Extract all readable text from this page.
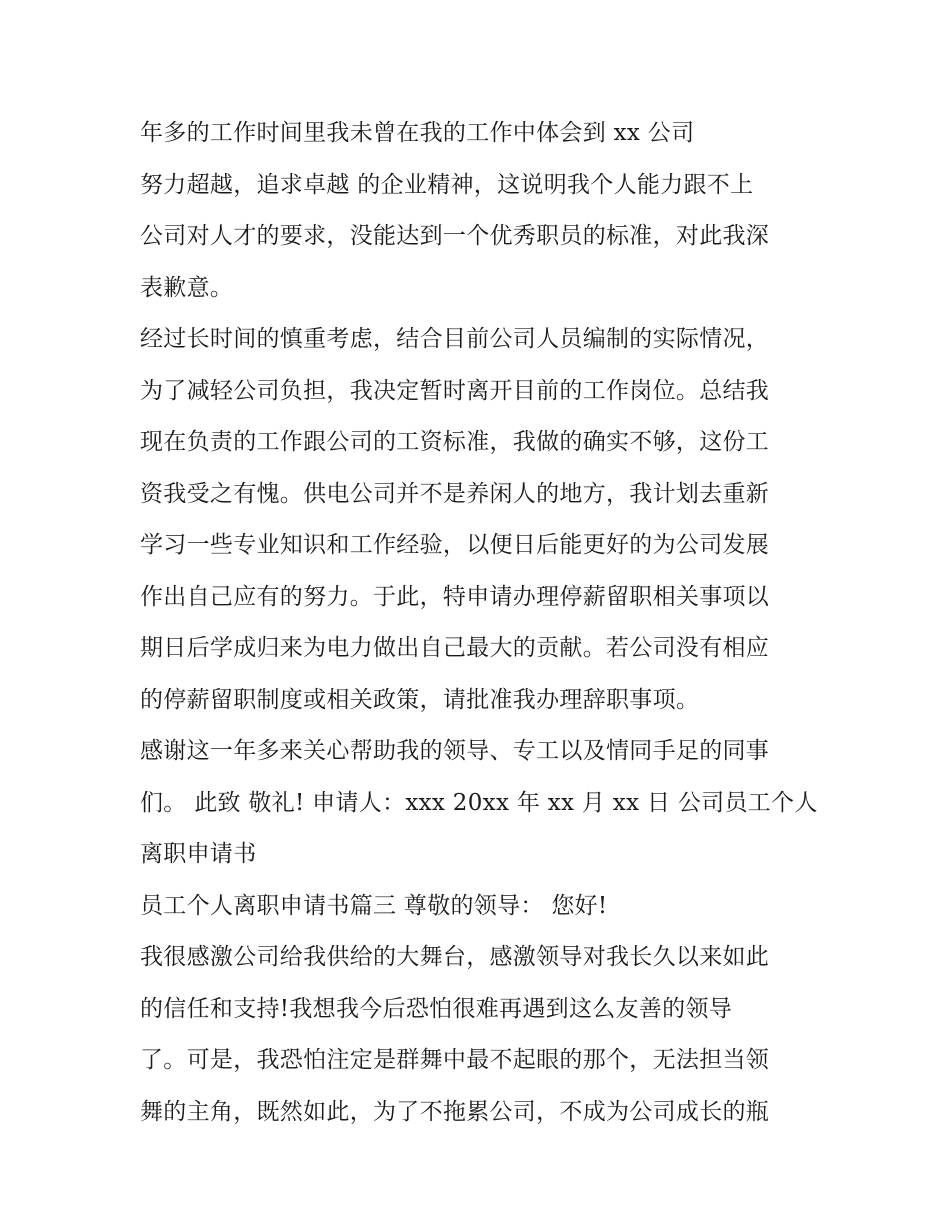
年多的工作时间里我未曾在我的工作中体会到 xx 公司
努力超越，追求卓越 的企业精神，这说明我个人能力跟不上
公司对人才的要求，没能达到一个优秀职员的标准，对此我深
表歉意。
经过长时间的慎重考虑，结合目前公司人员编制的实际情况，
为了减轻公司负担，我决定暂时离开目前的工作岗位。总结我
现在负责的工作跟公司的工资标准，我做的确实不够，这份工
资我受之有愧。供电公司并不是养闲人的地方，我计划去重新
学习一些专业知识和工作经验，以便日后能更好的为公司发展
作出自己应有的努力。于此，特申请办理停薪留职相关事项以
期日后学成归来为电力做出自己最大的贡献。若公司没有相应
的停薪留职制度或相关政策，请批准我办理辞职事项。
感谢这一年多来关心帮助我的领导、专工以及情同手足的同事
们。 此致 敬礼! 申请人：xxx 20xx 年 xx 月 xx 日 公司员工个人
离职申请书
员工个人离职申请书篇三 尊敬的领导： 您好!
我很感激公司给我供给的大舞台，感激领导对我长久以来如此
的信任和支持!我想我今后恐怕很难再遇到这么友善的领导
了。可是，我恐怕注定是群舞中最不起眼的那个，无法担当领
舞的主角，既然如此，为了不拖累公司，不成为公司成长的瓶
